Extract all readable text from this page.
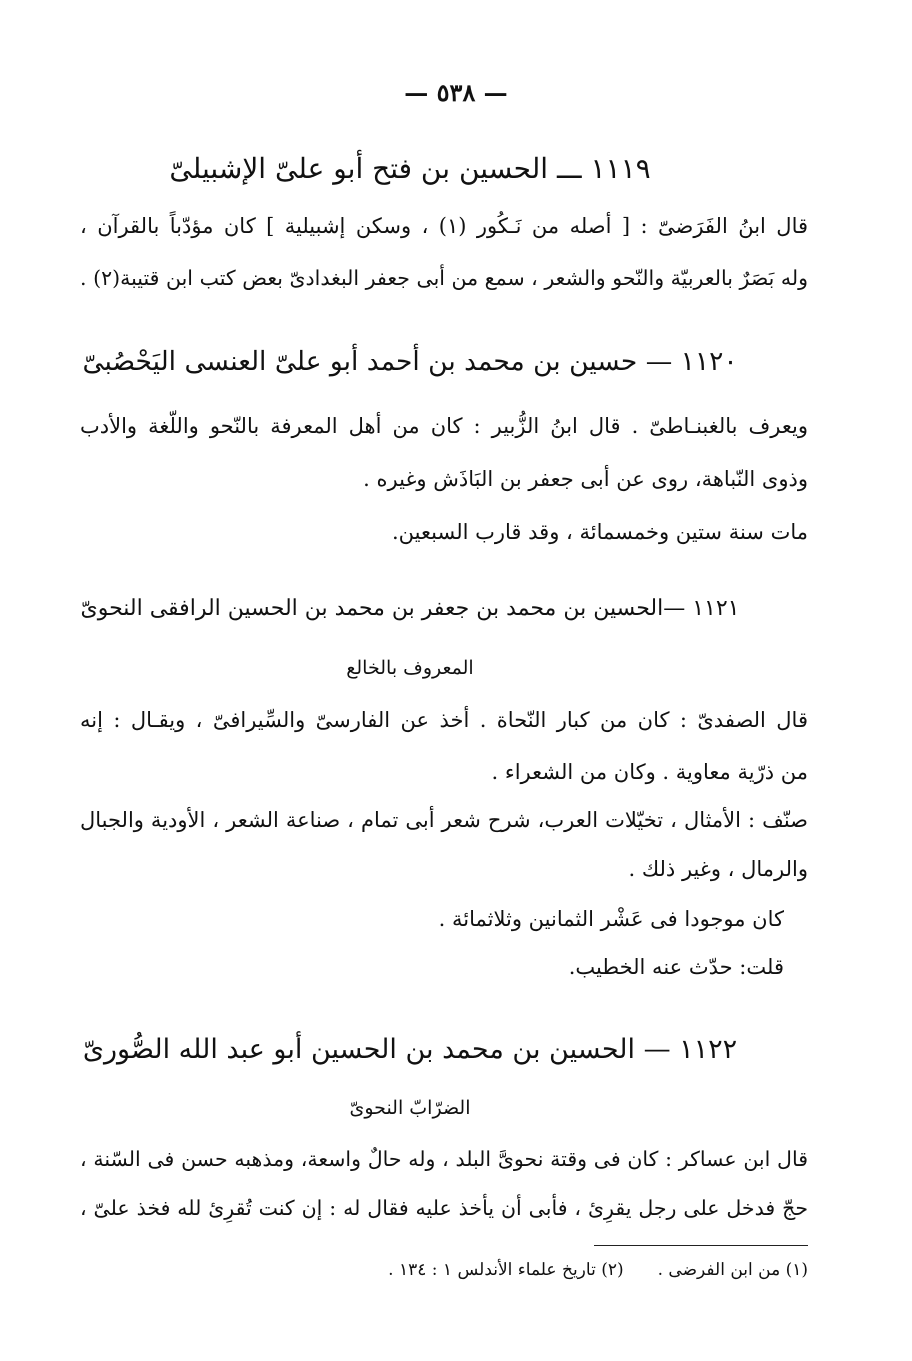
— ٥٣٨ —
١١١٩ ـــ الحسين بن فتح أبو علىّ الإشبيلىّ
قال ابنُ الفَرَضىّ : [ أصله من نَـكُور (١) ، وسكن إشبيلية ] كان مؤدّباً بالقرآن ،
وله بَصَرٌ بالعربيّة والنّحو والشعر ، سمع من أبى جعفر البغدادىّ بعض كتب ابن قتيبة(٢) .
١١٢٠ — حسين بن محمد بن أحمد أبو علىّ العنسى اليَحْصُبىّ
ويعرف بالغبنـاطىّ . قال ابنُ الزُّبير : كان من أهل المعرفة بالنّحو واللّغة والأدب
وذوى النّباهة، روى عن أبى جعفر بن البَاذَش وغيره .
مات سنة ستين وخمسمائة ، وقد قارب السبعين.
١١٢١ —الحسين بن محمد بن جعفر بن محمد بن الحسين الرافقى النحوىّ
المعروف بالخالع
قال الصفدىّ : كان من كبار النّحاة . أخذ عن الفارسىّ والسِّيرافىّ ، ويقـال : إنه
من ذرّية معاوية . وكان من الشعراء .
صنّف : الأمثال ، تخيّلات العرب، شرح شعر أبى تمام ، صناعة الشعر ، الأودية والجبال
والرمال ، وغير ذلك .
كان موجودا فى عَشْر الثمانين وثلاثمائة .
قلت: حدّث عنه الخطيب.
١١٢٢ — الحسين بن محمد بن الحسين أبو عبد الله الصُّورىّ
الضرّابّ النحوىّ
قال ابن عساكر : كان فى وقتة نحوىَّ البلد ، وله حالٌ واسعة، ومذهبه حسن فى السّنة ،
حجّ فدخل على رجل يقرِئ ، فأبى أن يأخذ عليه فقال له : إن كنت تُقرِئ لله فخذ علىّ ،
(١) من ابن الفرضى .(٢) تاريخ علماء الأندلس ١ : ١٣٤ .
